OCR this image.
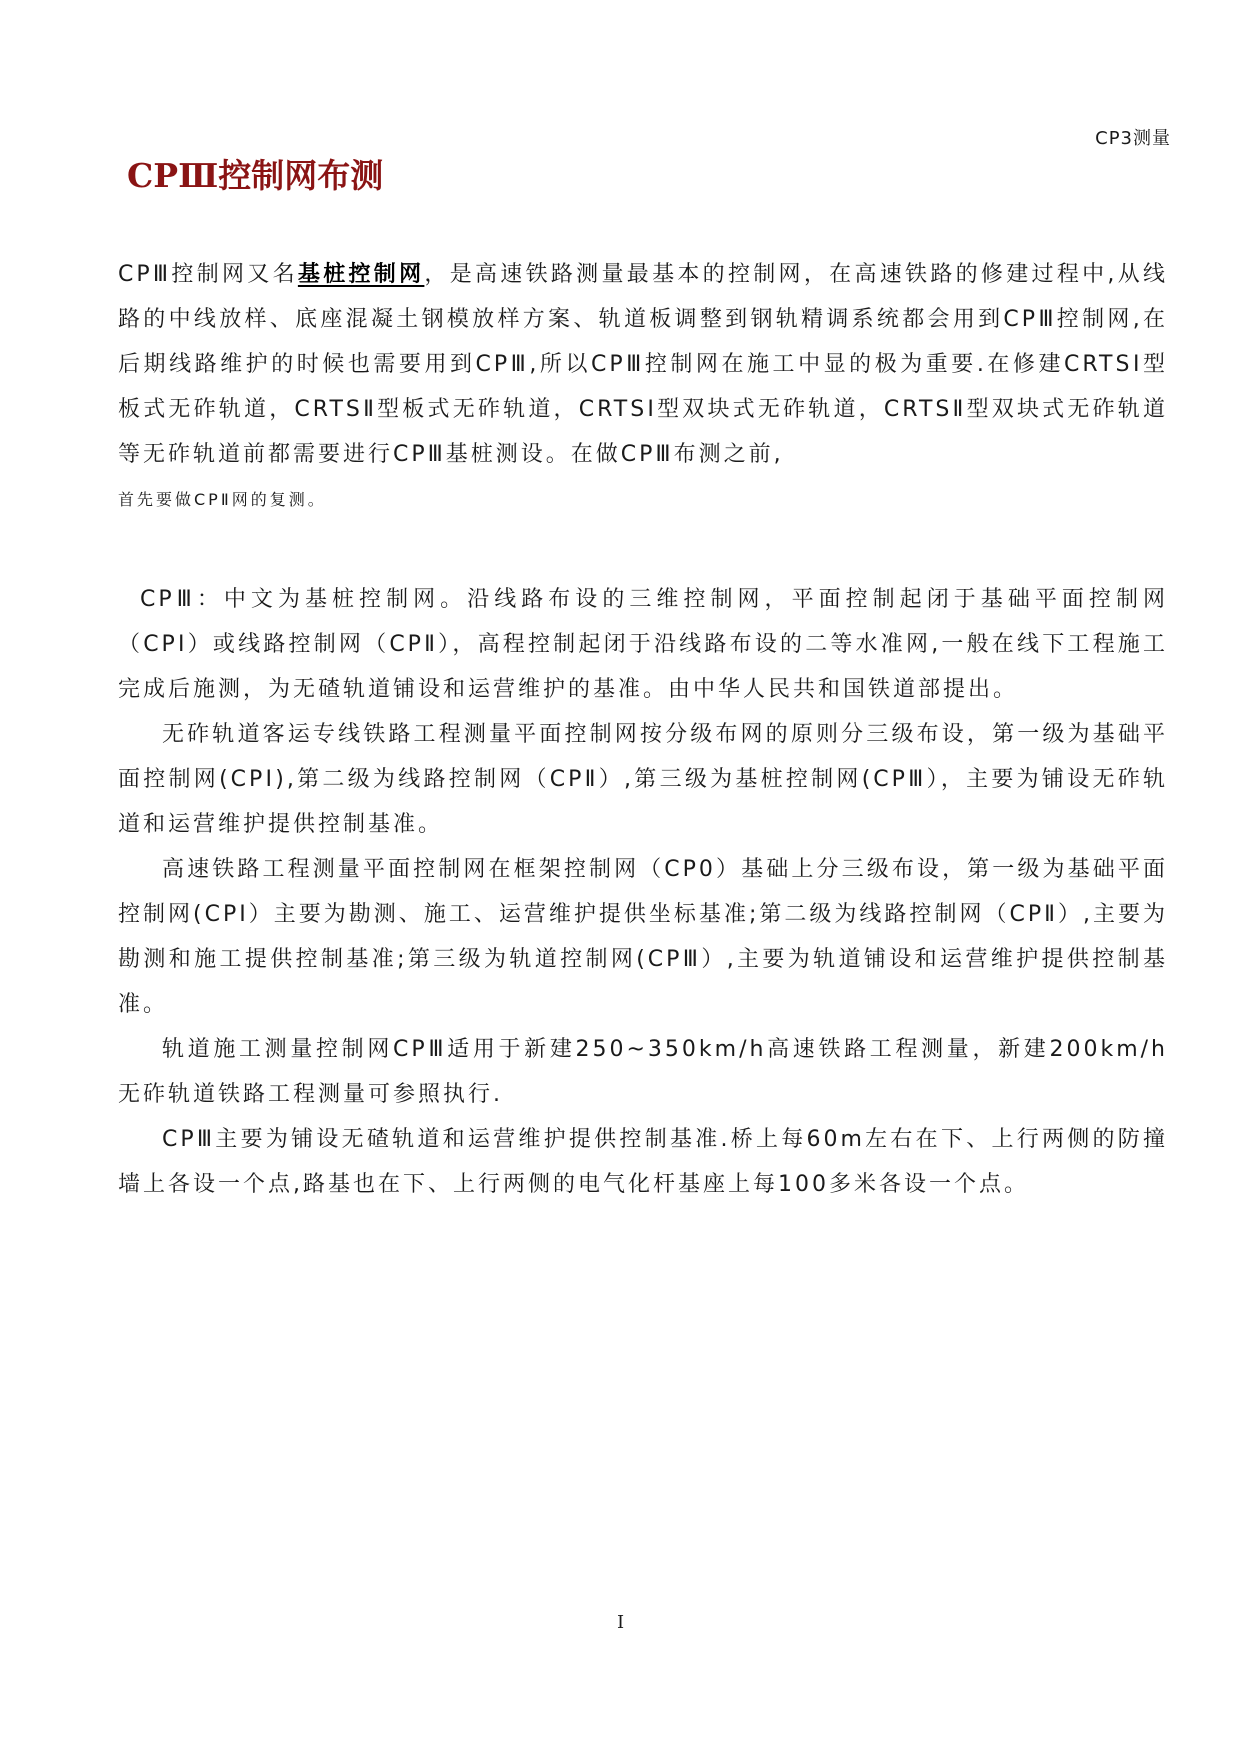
CP3测量
CPⅢ控制网布测

CPⅢ控制网又名基桩控制网，是高速铁路测量最基本的控制网，在高速铁路的修建过程中,从线路的中线放样、底座混凝土钢模放样方案、轨道板调整到钢轨精调系统都会用到CPⅢ控制网,在后期线路维护的时候也需要用到CPⅢ,所以CPⅢ控制网在施工中显的极为重要.在修建CRTSⅠ型板式无砟轨道，CRTSⅡ型板式无砟轨道，CRTSⅠ型双块式无砟轨道，CRTSⅡ型双块式无砟轨道等无砟轨道前都需要进行CPⅢ基桩测设。在做CPⅢ布测之前,

首先要做CPⅡ网的复测。

CPⅢ：中文为基桩控制网。沿线路布设的三维控制网，平面控制起闭于基础平面控制网（CPⅠ）或线路控制网（CPⅡ），高程控制起闭于沿线路布设的二等水准网,一般在线下工程施工完成后施测，为无碴轨道铺设和运营维护的基准。由中华人民共和国铁道部提出。

无砟轨道客运专线铁路工程测量平面控制网按分级布网的原则分三级布设，第一级为基础平面控制网(CPⅠ),第二级为线路控制网（CPⅡ）,第三级为基桩控制网(CPⅢ），主要为铺设无砟轨道和运营维护提供控制基准。

高速铁路工程测量平面控制网在框架控制网（CP0）基础上分三级布设，第一级为基础平面控制网(CPⅠ）主要为勘测、施工、运营维护提供坐标基准;第二级为线路控制网（CPⅡ）,主要为勘测和施工提供控制基准;第三级为轨道控制网(CPⅢ）,主要为轨道铺设和运营维护提供控制基准。

轨道施工测量控制网CPⅢ适用于新建250~350km/h高速铁路工程测量，新建200km/h无砟轨道铁路工程测量可参照执行.

CPⅢ主要为铺设无碴轨道和运营维护提供控制基准.桥上每60m左右在下、上行两侧的防撞墙上各设一个点,路基也在下、上行两侧的电气化杆基座上每100多米各设一个点。

I
